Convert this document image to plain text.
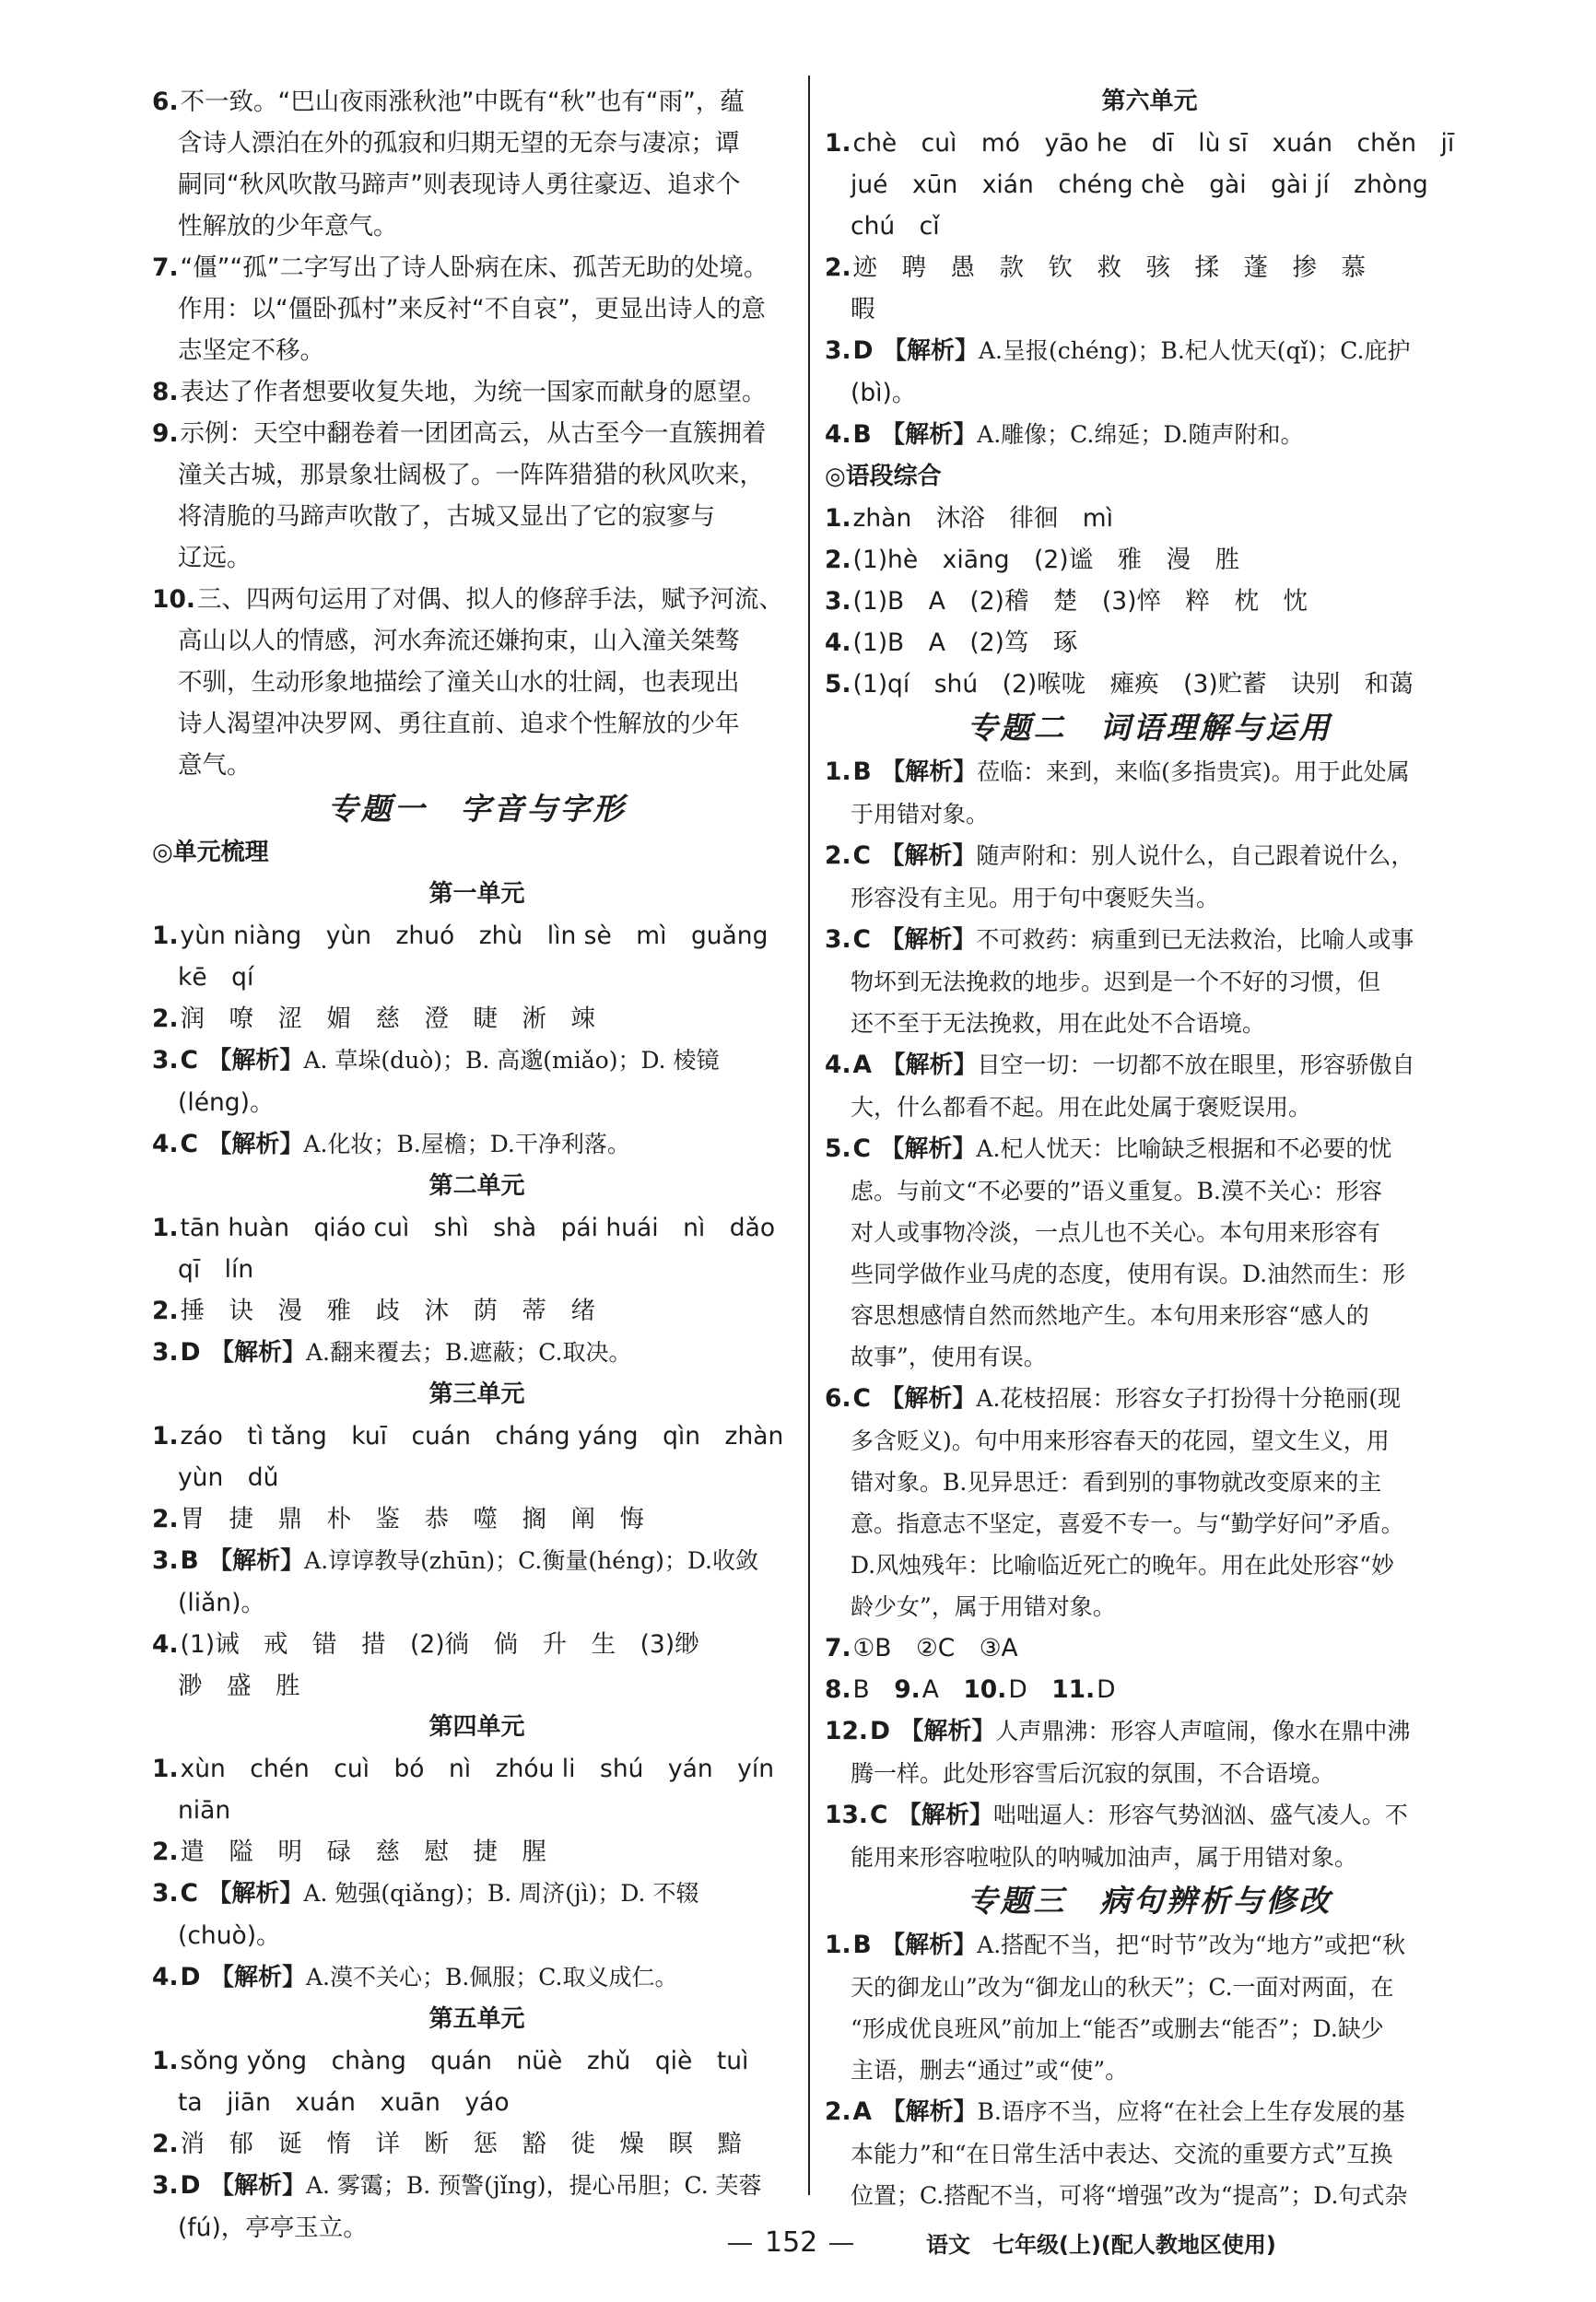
6.不一致。“巴山夜雨涨秋池”中既有“秋”也有“雨”，蕴
含诗人漂泊在外的孤寂和归期无望的无奈与凄凉；谭
嗣同“秋风吹散马蹄声”则表现诗人勇往豪迈、追求个
性解放的少年意气。
7.“僵”“孤”二字写出了诗人卧病在床、孤苦无助的处境。
作用：以“僵卧孤村”来反衬“不自哀”，更显出诗人的意
志坚定不移。
8.表达了作者想要收复失地，为统一国家而献身的愿望。
9.示例：天空中翻卷着一团团高云，从古至今一直簇拥着
潼关古城，那景象壮阔极了。一阵阵猎猎的秋风吹来，
将清脆的马蹄声吹散了，古城又显出了它的寂寥与
辽远。
10.三、四两句运用了对偶、拟人的修辞手法，赋予河流、
高山以人的情感，河水奔流还嫌拘束，山入潼关桀骜
不驯，生动形象地描绘了潼关山水的壮阔，也表现出
诗人渴望冲决罗网、勇往直前、追求个性解放的少年
意气。
专题一　字音与字形
◎单元梳理
第一单元
1.yùn niàng　yùn　zhuó　zhù　lìn sè　mì　guǎng
kē　qí
2.润　嘹　涩　媚　慈　澄　睫　淅　竦
3.C 【解析】A. 草垛(duò)；B. 高邈(miǎo)；D. 棱镜
(léng)。
4.C 【解析】A.化妆；B.屋檐；D.干净利落。
第二单元
1.tān huàn　qiáo cuì　shì　shà　pái huái　nì　dǎo
qī　lín
2.捶　诀　漫　雅　歧　沐　荫　蒂　绪
3.D 【解析】A.翻来覆去；B.遮蔽；C.取决。
第三单元
1.záo　tì tǎng　kuī　cuán　cháng yáng　qìn　zhàn
yùn　dǔ
2.胃　捷　鼎　朴　鉴　恭　噬　搁　阐　悔
3.B 【解析】A.谆谆教导(zhūn)；C.衡量(héng)；D.收敛
(liǎn)。
4.(1)诫　戒　错　措　(2)徜　倘　升　生　(3)缈
渺　盛　胜
第四单元
1.xùn　chén　cuì　bó　nì　zhóu li　shú　yán　yín
niān
2.遣　隘　明　碌　慈　慰　捷　腥
3.C 【解析】A. 勉强(qiǎng)；B. 周济(jì)；D. 不辍
(chuò)。
4.D 【解析】A.漠不关心；B.佩服；C.取义成仁。
第五单元
1.sǒng yǒng　chàng　quán　nüè　zhǔ　qiè　tuì
ta　jiān　xuán　xuān　yáo
2.消　郁　诞　惰　详　断　惩　豁　徙　燥　瞑　黯
3.D 【解析】A. 雾霭；B. 预警(jǐng)，提心吊胆；C. 芙蓉
(fú)，亭亭玉立。
第六单元
1.chè　cuì　mó　yāo he　dī　lù sī　xuán　chěn　jī
jué　xūn　xián　chéng chè　gài　gài jí　zhòng
chú　cǐ
2.迹　聘　愚　款　钦　救　骇　揉　蓬　掺　慕
暇
3.D 【解析】A.呈报(chéng)；B.杞人忧天(qǐ)；C.庇护
(bì)。
4.B 【解析】A.雕像；C.绵延；D.随声附和。
◎语段综合
1.zhàn　沐浴　徘徊　mì
2.(1)hè　xiāng　(2)谧　雅　漫　胜
3.(1)B　A　(2)稽　楚　(3)悴　粹　枕　忱
4.(1)B　A　(2)笃　琢
5.(1)qí　shú　(2)喉咙　瘫痪　(3)贮蓄　诀别　和蔼
专题二　词语理解与运用
1.B 【解析】莅临：来到，来临(多指贵宾)。用于此处属
于用错对象。
2.C 【解析】随声附和：别人说什么，自己跟着说什么，
形容没有主见。用于句中褒贬失当。
3.C 【解析】不可救药：病重到已无法救治，比喻人或事
物坏到无法挽救的地步。迟到是一个不好的习惯，但
还不至于无法挽救，用在此处不合语境。
4.A 【解析】目空一切：一切都不放在眼里，形容骄傲自
大，什么都看不起。用在此处属于褒贬误用。
5.C 【解析】A.杞人忧天：比喻缺乏根据和不必要的忧
虑。与前文“不必要的”语义重复。B.漠不关心：形容
对人或事物冷淡，一点儿也不关心。本句用来形容有
些同学做作业马虎的态度，使用有误。D.油然而生：形
容思想感情自然而然地产生。本句用来形容“感人的
故事”，使用有误。
6.C 【解析】A.花枝招展：形容女子打扮得十分艳丽(现
多含贬义)。句中用来形容春天的花园，望文生义，用
错对象。B.见异思迁：看到别的事物就改变原来的主
意。指意志不坚定，喜爱不专一。与“勤学好问”矛盾。
D.风烛残年：比喻临近死亡的晚年。用在此处形容“妙
龄少女”，属于用错对象。
7.①B　②C　③A
8.B　9.A　10.D　11.D
12.D 【解析】人声鼎沸：形容人声喧闹，像水在鼎中沸
腾一样。此处形容雪后沉寂的氛围，不合语境。
13.C 【解析】咄咄逼人：形容气势汹汹、盛气凌人。不
能用来形容啦啦队的呐喊加油声，属于用错对象。
专题三　病句辨析与修改
1.B 【解析】A.搭配不当，把“时节”改为“地方”或把“秋
天的御龙山”改为“御龙山的秋天”；C.一面对两面，在
“形成优良班风”前加上“能否”或删去“能否”；D.缺少
主语，删去“通过”或“使”。
2.A 【解析】B.语序不当，应将“在社会上生存发展的基
本能力”和“在日常生活中表达、交流的重要方式”互换
位置；C.搭配不当，可将“增强”改为“提高”；D.句式杂
152	语文　七年级(上)(配人教地区使用)
